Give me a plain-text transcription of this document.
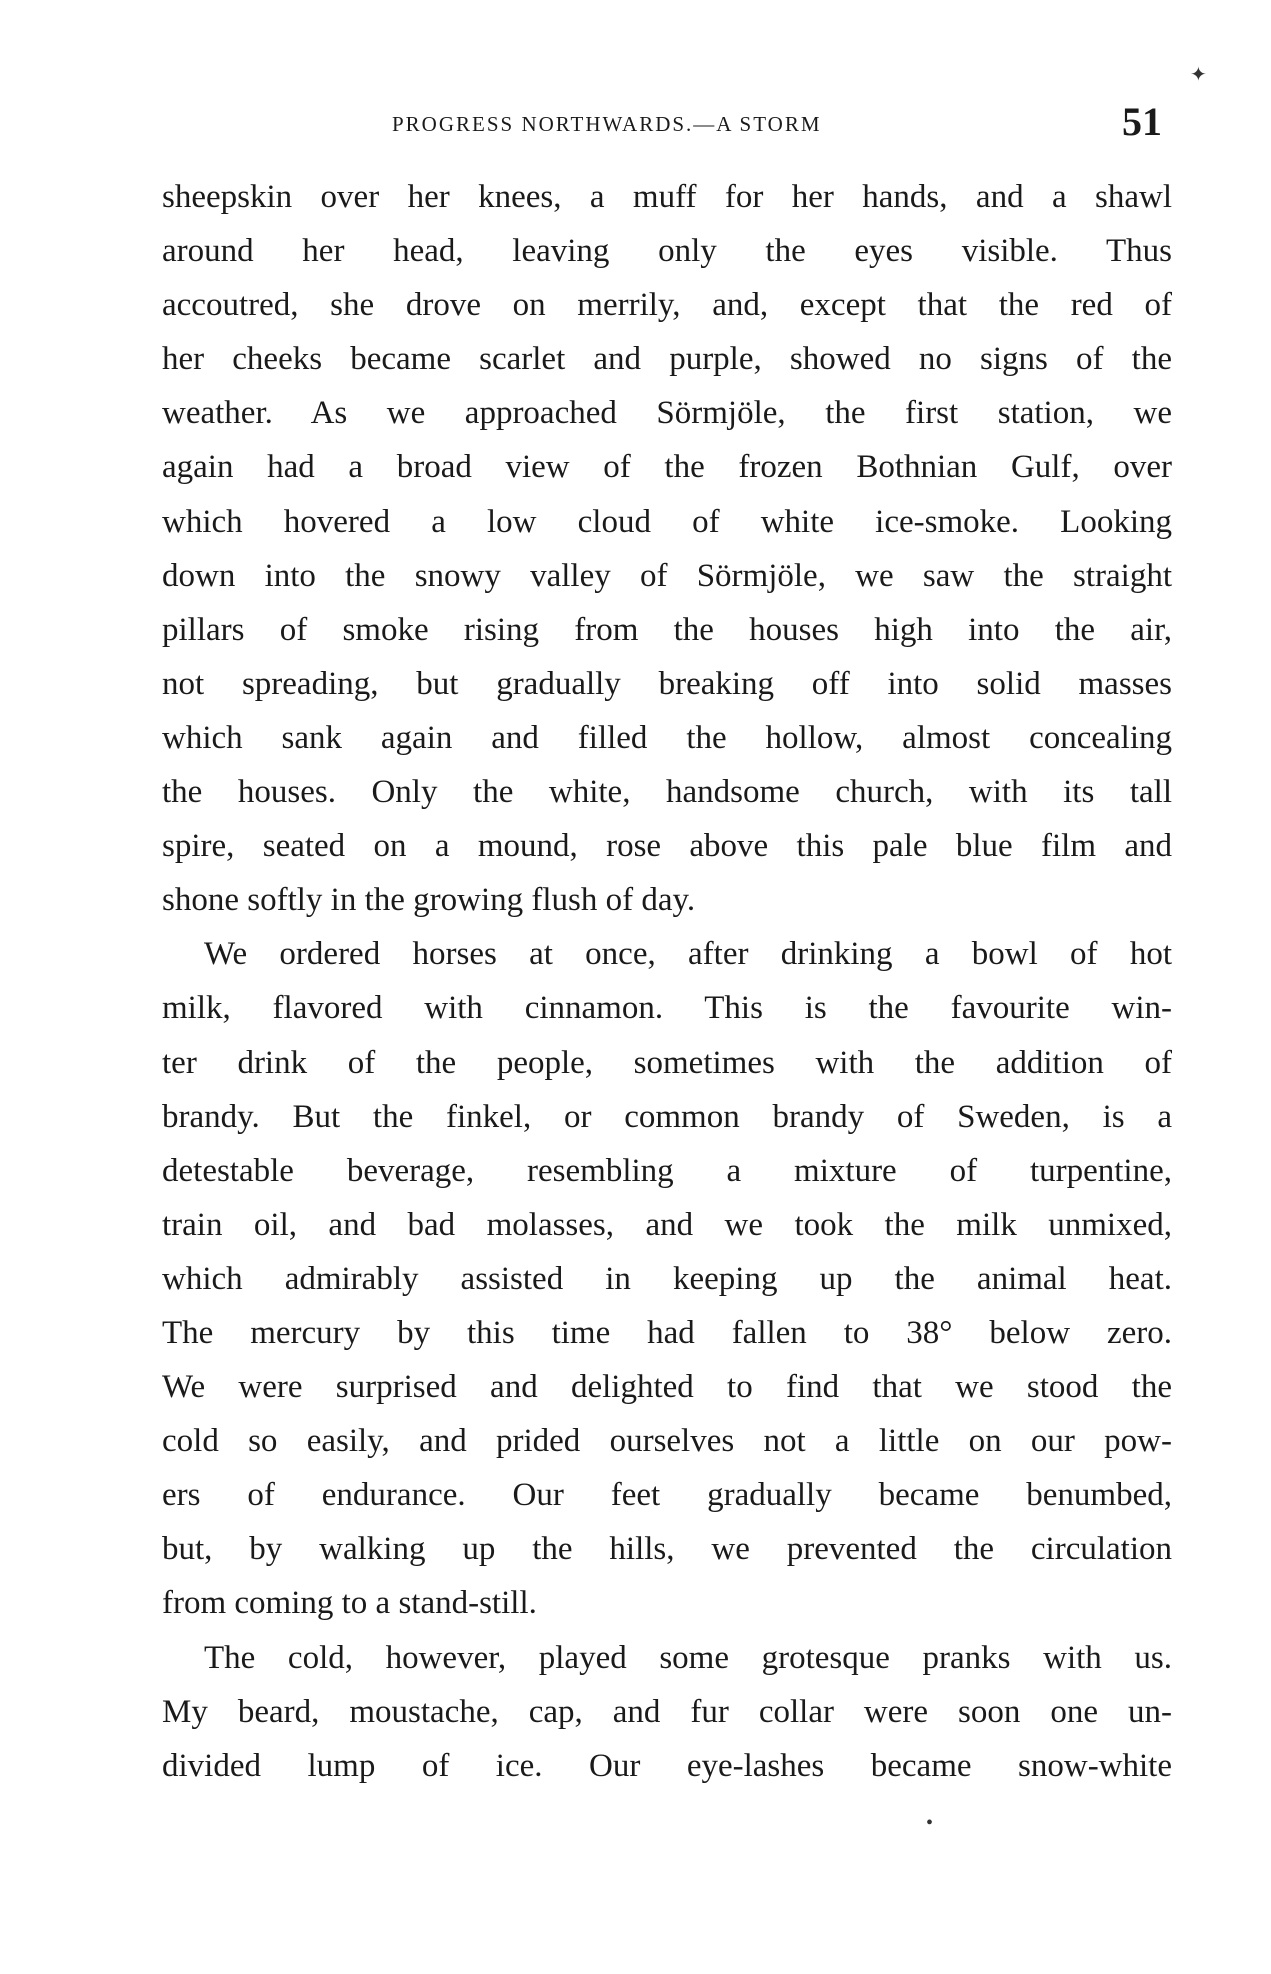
PROGRESS NORTHWARDS.—A STORM	51
✦
sheepskin over her knees, a muff for her hands, and a shawl
around her head, leaving only the eyes visible. Thus
accoutred, she drove on merrily, and, except that the red of
her cheeks became scarlet and purple, showed no signs of the
weather. As we approached Sörmjöle, the first station, we
again had a broad view of the frozen Bothnian Gulf, over
which hovered a low cloud of white ice-smoke. Looking
down into the snowy valley of Sörmjöle, we saw the straight
pillars of smoke rising from the houses high into the air,
not spreading, but gradually breaking off into solid masses
which sank again and filled the hollow, almost concealing
the houses. Only the white, handsome church, with its tall
spire, seated on a mound, rose above this pale blue film and
shone softly in the growing flush of day.
We ordered horses at once, after drinking a bowl of hot
milk, flavored with cinnamon. This is the favourite win-
ter drink of the people, sometimes with the addition of
brandy. But the finkel, or common brandy of Sweden, is a
detestable beverage, resembling a mixture of turpentine,
train oil, and bad molasses, and we took the milk unmixed,
which admirably assisted in keeping up the animal heat.
The mercury by this time had fallen to 38° below zero.
We were surprised and delighted to find that we stood the
cold so easily, and prided ourselves not a little on our pow-
ers of endurance. Our feet gradually became benumbed,
but, by walking up the hills, we prevented the circulation
from coming to a stand-still.
The cold, however, played some grotesque pranks with us.
My beard, moustache, cap, and fur collar were soon one un-
divided lump of ice. Our eye-lashes became snow-white
•
